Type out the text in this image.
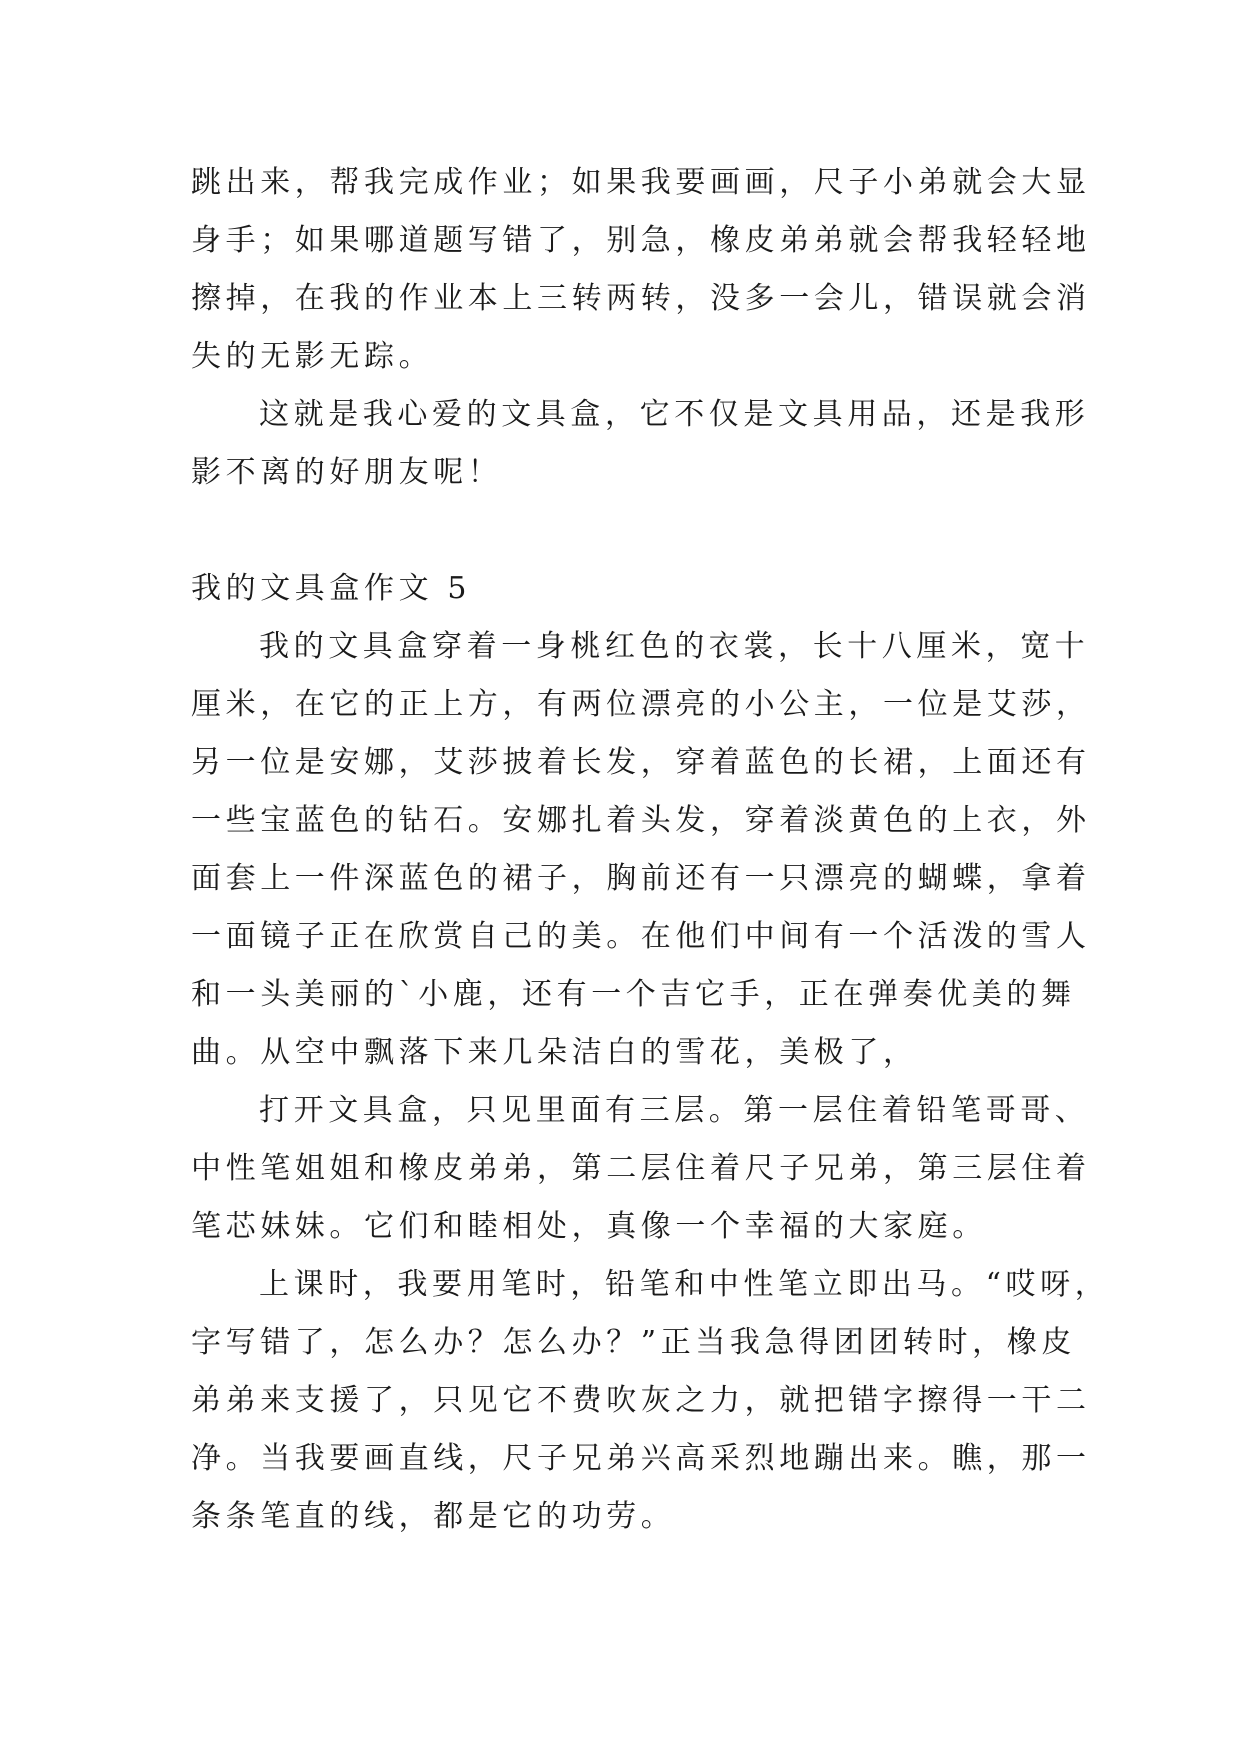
跳出来，帮我完成作业；如果我要画画，尺子小弟就会大显
身手；如果哪道题写错了，别急，橡皮弟弟就会帮我轻轻地
擦掉，在我的作业本上三转两转，没多一会儿，错误就会消
失的无影无踪。
这就是我心爱的文具盒，它不仅是文具用品，还是我形
影不离的好朋友呢！
我的文具盒作文 5
我的文具盒穿着一身桃红色的衣裳，长十八厘米，宽十
厘米，在它的正上方，有两位漂亮的小公主，一位是艾莎，
另一位是安娜，艾莎披着长发，穿着蓝色的长裙，上面还有
一些宝蓝色的钻石。安娜扎着头发，穿着淡黄色的上衣，外
面套上一件深蓝色的裙子，胸前还有一只漂亮的蝴蝶，拿着
一面镜子正在欣赏自己的美。在他们中间有一个活泼的雪人
和一头美丽的`小鹿，还有一个吉它手，正在弹奏优美的舞
曲。从空中飘落下来几朵洁白的雪花，美极了，
打开文具盒，只见里面有三层。第一层住着铅笔哥哥、
中性笔姐姐和橡皮弟弟，第二层住着尺子兄弟，第三层住着
笔芯妹妹。它们和睦相处，真像一个幸福的大家庭。
上课时，我要用笔时，铅笔和中性笔立即出马。“哎呀，
字写错了，怎么办？怎么办？”正当我急得团团转时，橡皮
弟弟来支援了，只见它不费吹灰之力，就把错字擦得一干二
净。当我要画直线，尺子兄弟兴高采烈地蹦出来。瞧，那一
条条笔直的线，都是它的功劳。
